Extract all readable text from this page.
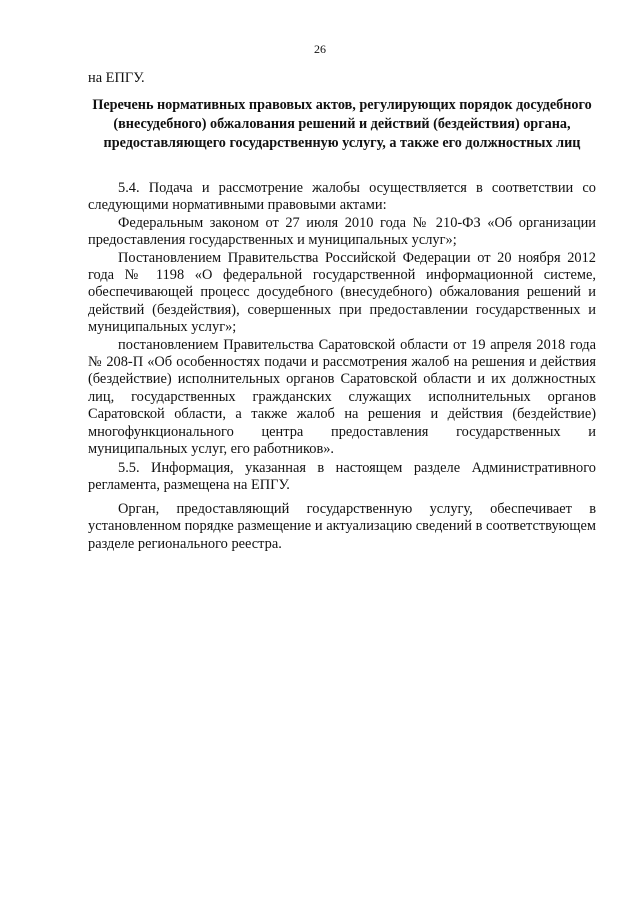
26
на ЕПГУ.
Перечень нормативных правовых актов, регулирующих порядок досудебного (внесудебного) обжалования решений и действий (бездействия) органа, предоставляющего государственную услугу, а также его должностных лиц

5.4. Подача и рассмотрение жалобы осуществляется в соответствии со следующими нормативными правовыми актами:

Федеральным законом от 27 июля 2010 года № 210-ФЗ «Об организации предоставления государственных и муниципальных услуг»;

Постановлением Правительства Российской Федерации от 20 ноября 2012 года № 1198 «О федеральной государственной информационной системе, обеспечивающей процесс досудебного (внесудебного) обжалования решений и действий (бездействия), совершенных при предоставлении государственных и муниципальных услуг»;

постановлением Правительства Саратовской области от 19 апреля 2018 года № 208-П «Об особенностях подачи и рассмотрения жалоб на решения и действия (бездействие) исполнительных органов Саратовской области и их должностных лиц, государственных гражданских служащих исполнительных органов Саратовской области, а также жалоб на решения и действия (бездействие) многофункционального центра предоставления государственных и муниципальных услуг, его работников».

5.5. Информация, указанная в настоящем разделе Административного регламента, размещена на ЕПГУ.

Орган, предоставляющий государственную услугу, обеспечивает в установленном порядке размещение и актуализацию сведений в соответствующем разделе регионального реестра.
